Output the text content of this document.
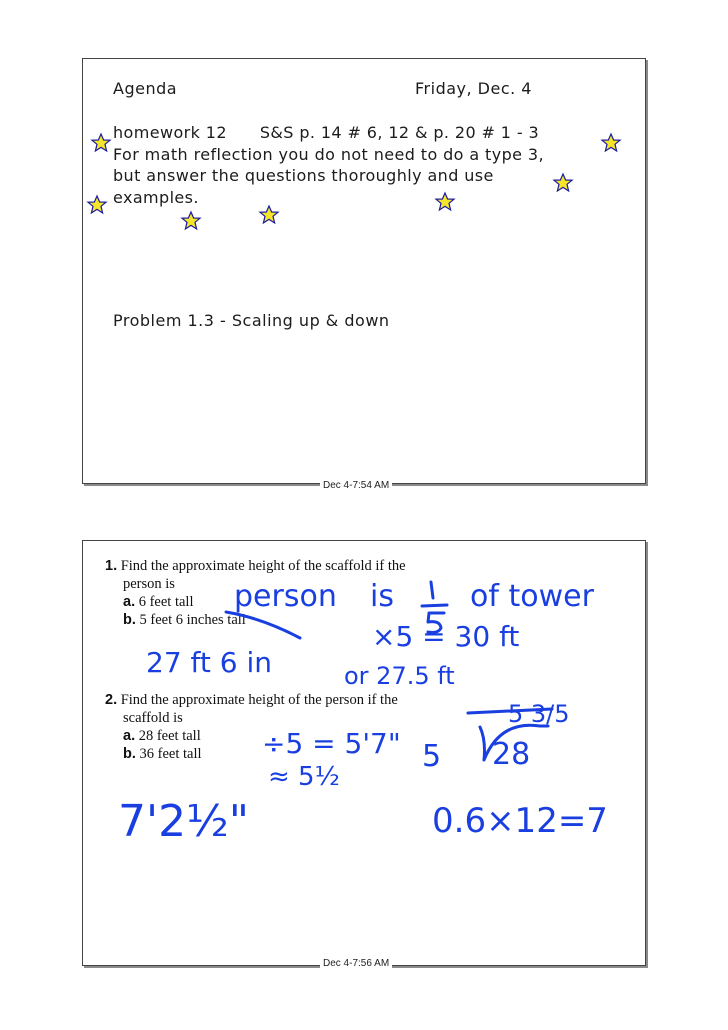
Agenda	Friday, Dec. 4
homework 12      S&S p. 14 # 6, 12 & p. 20 # 1 - 3
For math reflection you do not need to do a type 3,
but answer the questions thoroughly and use
examples.
Problem 1.3 - Scaling up & down
Dec 4-7:54 AM
1. Find the approximate height of the scaffold if the
person is
a. 6 feet tall
b. 5 feet 6 inches tall
2. Find the approximate height of the person if the
scaffold is
a. 28 feet tall
b. 36 feet tall
Dec 4-7:56 AM
person is	of tower
×5 = 30 ft
27 ft 6 in	or 27.5 ft
÷5 = 5'7"
≈ 5½
5 3/5
5 28
7'2½"	0.6×12=7
